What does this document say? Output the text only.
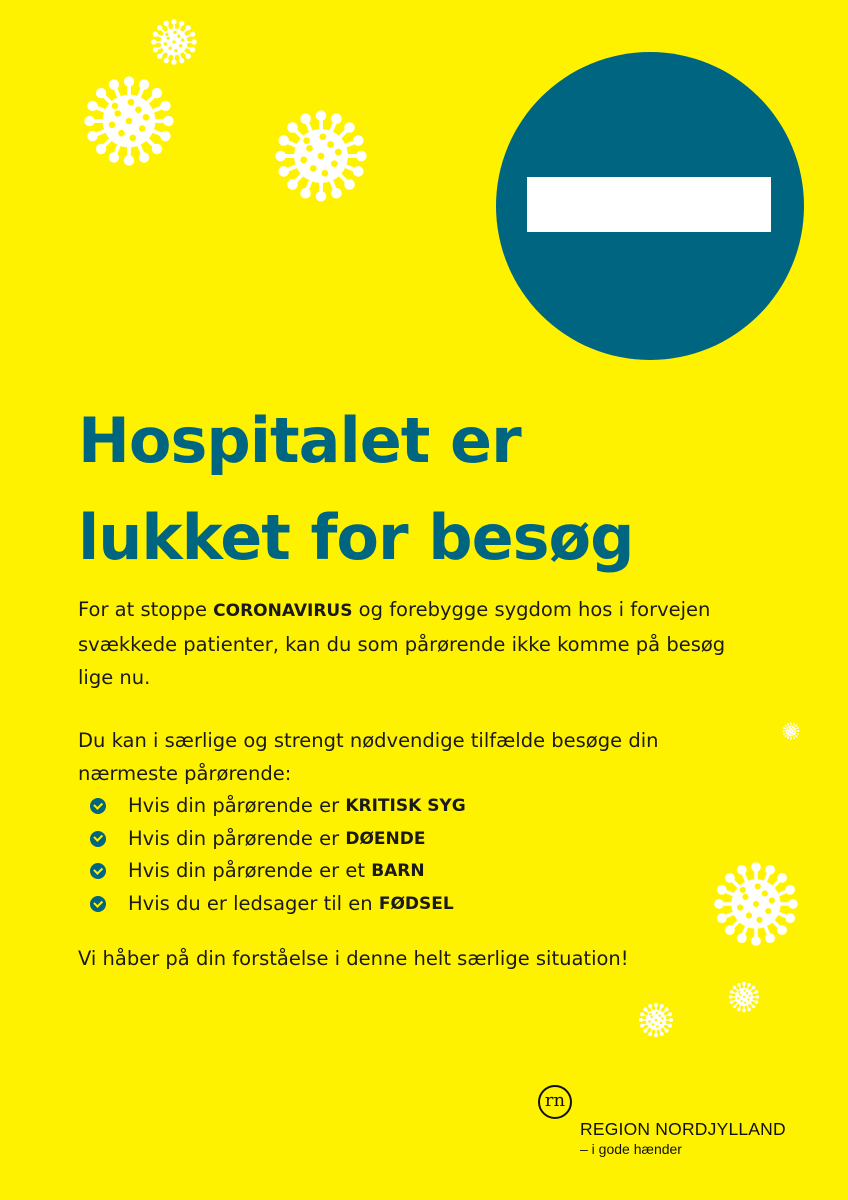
Hospitalet er
lukket for besøg
For at stoppe CORONAVIRUS og forebygge sygdom hos i forvejen svækkede patienter, kan du som pårørende ikke komme på besøg lige nu.
Du kan i særlige og strengt nødvendige tilfælde besøge din nærmeste pårørende:
Hvis din pårørende er KRITISK SYG
Hvis din pårørende er DØENDE
Hvis din pårørende er et BARN
Hvis du er ledsager til en FØDSEL
Vi håber på din forståelse i denne helt særlige situation!
rn
REGION NORDJYLLAND
– i gode hænder
